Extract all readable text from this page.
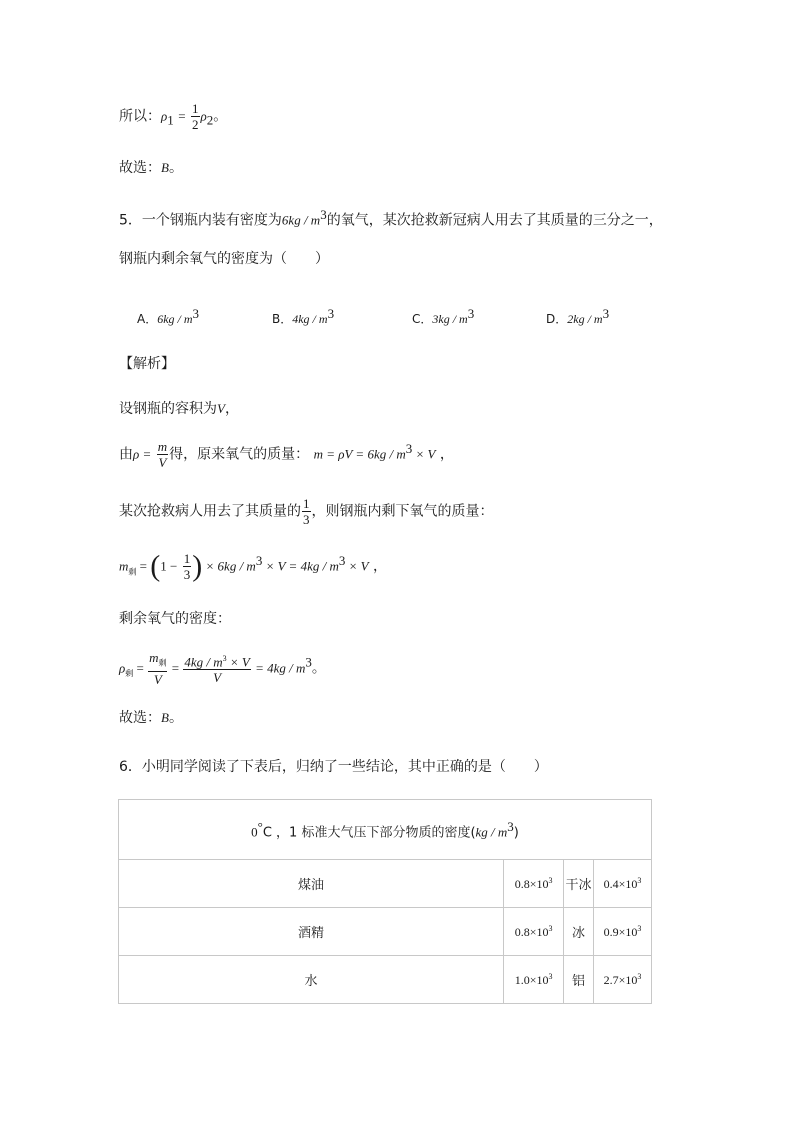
所以：$\rho_1 = \frac{1}{2} \rho_2$。
故选：B。
5．一个钢瓶内装有密度为$6kg / m^3$的氧气，某次抢救新冠病人用去了其质量的三分之一，
钢瓶内剩余氧气的密度为（　　）
A．$6kg / m^3$	B．$4kg / m^3$	C．$3kg / m^3$	D．$2kg / m^3$
【解析】
设钢瓶的容积为V，
由$\rho = \frac{m}{V}$ 得，原来氧气的质量： $m = \rho V = 6kg / m^3 \times V$ ，
某次抢救病人用去了其质量的 $\frac{1}{3}$ ，则钢瓶内剩下氧气的质量：
$m_剩 = (1 - \frac{1}{3}$ ) × $6kg / m^3 \times V = 4kg / m^3 \times V$ ，
剩余氧气的密度：
$\rho_剩 = \frac{m_剩}{V} = \frac{4kg / m^3 \times V}{V} = 4kg / m^3$。
故选：B。
6．小明同学阅读了下表后，归纳了一些结论，其中正确的是（　　）
0°C ，1 标准大气压下部分物质的密度$(kg / m^3)$			
煤油	$0.8\times 10^3$	干冰	$0.4\times 10^3$
酒精	$0.8\times 10^3$	冰	$0.9\times 10^3$
水	$1.0\times 10^3$	铝	$2.7\times 10^3$
